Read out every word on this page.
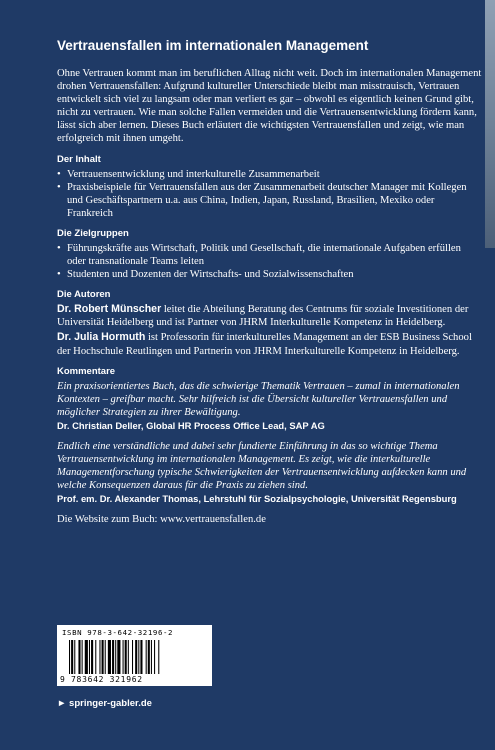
Vertrauensfallen im internationalen Management

Ohne Vertrauen kommt man im beruflichen Alltag nicht weit. Doch im internationalen Management drohen Vertrauensfallen: Aufgrund kultureller Unterschiede bleibt man misstrauisch, Vertrauen entwickelt sich viel zu langsam oder man verliert es gar – obwohl es eigentlich keinen Grund gibt, nicht zu vertrauen. Wie man solche Fallen vermeiden und die Vertrauensentwicklung fördern kann, lässt sich aber lernen. Dieses Buch erläutert die wichtigsten Vertrauensfallen und zeigt, wie man erfolgreich mit ihnen umgeht.

Der Inhalt
• Vertrauensentwicklung und interkulturelle Zusammenarbeit
• Praxisbeispiele für Vertrauensfallen aus der Zusammenarbeit deutscher Manager mit Kollegen und Geschäftspartnern u.a. aus China, Indien, Japan, Russland, Brasilien, Mexiko oder Frankreich
Die Zielgruppen
• Führungskräfte aus Wirtschaft, Politik und Gesellschaft, die internationale Aufgaben erfüllen oder transnationale Teams leiten
• Studenten und Dozenten der Wirtschafts- und Sozialwissenschaften
Die Autoren

Dr. Robert Münscher leitet die Abteilung Beratung des Centrums für soziale Investitionen der Universität Heidelberg und ist Partner von JHRM Interkulturelle Kompetenz in Heidelberg.

Dr. Julia Hormuth ist Professorin für interkulturelles Management an der ESB Business School der Hochschule Reutlingen und Partnerin von JHRM Interkulturelle Kompetenz in Heidelberg.

Kommentare

Ein praxisorientiertes Buch, das die schwierige Thematik Vertrauen – zumal in internationalen Kontexten – greifbar macht. Sehr hilfreich ist die Übersicht kultureller Vertrauensfallen und möglicher Strategien zu ihrer Bewältigung.

Dr. Christian Deller, Global HR Process Office Lead, SAP AG

Endlich eine verständliche und dabei sehr fundierte Einführung in das so wichtige Thema Vertrauensentwicklung im internationalen Management. Es zeigt, wie die interkulturelle Managementforschung typische Schwierigkeiten der Vertrauensentwicklung aufdecken kann und welche Konsequenzen daraus für die Praxis zu ziehen sind.

Prof. em. Dr. Alexander Thomas, Lehrstuhl für Sozialpsychologie, Universität Regensburg

Die Website zum Buch: www.vertrauensfallen.de

ISBN 978-3-642-32196-2
9 783642 321962
► springer-gabler.de
